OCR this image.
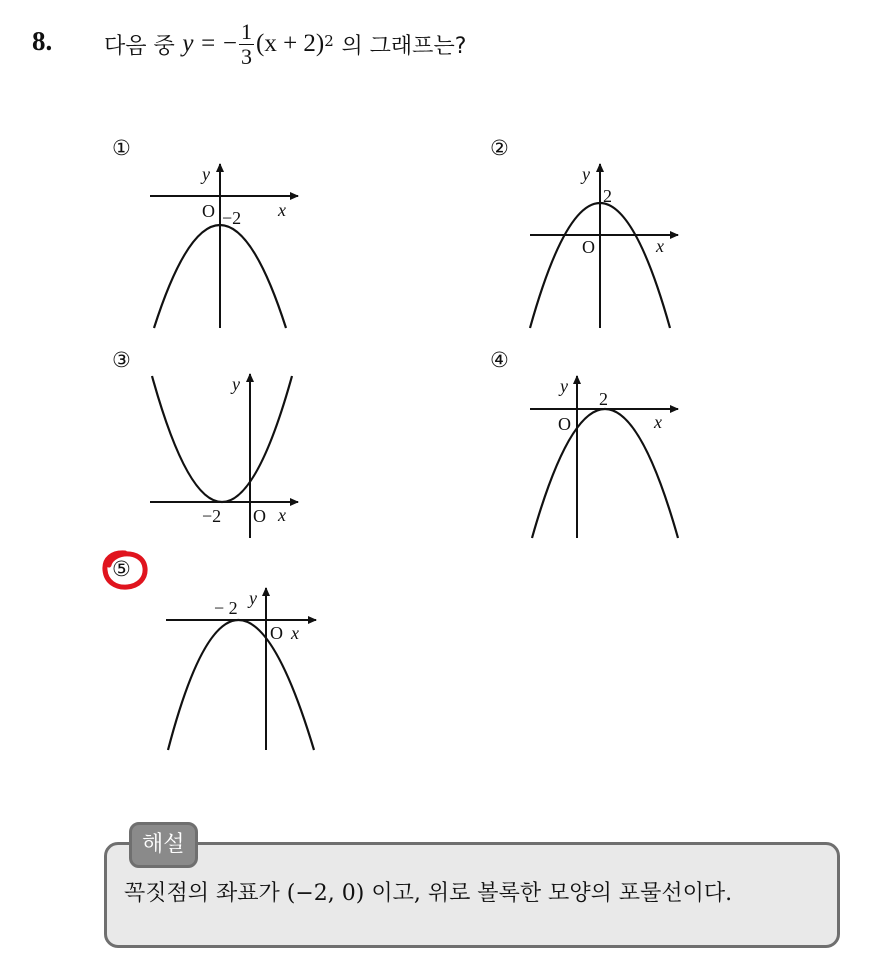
8. 다음 중
y
=
− $\frac{1}{3} (x + 2)^2$
의 그래프는?
①
y
x
O −2
②
y
x
O
2
③
y
x
O
−2
④
y
x
O
2
⑤
y
x
O
− 2
해설
꼭짓점의 좌표가 (−2, 0) 이고, 위로 볼록한 모양의 포물선이다.
